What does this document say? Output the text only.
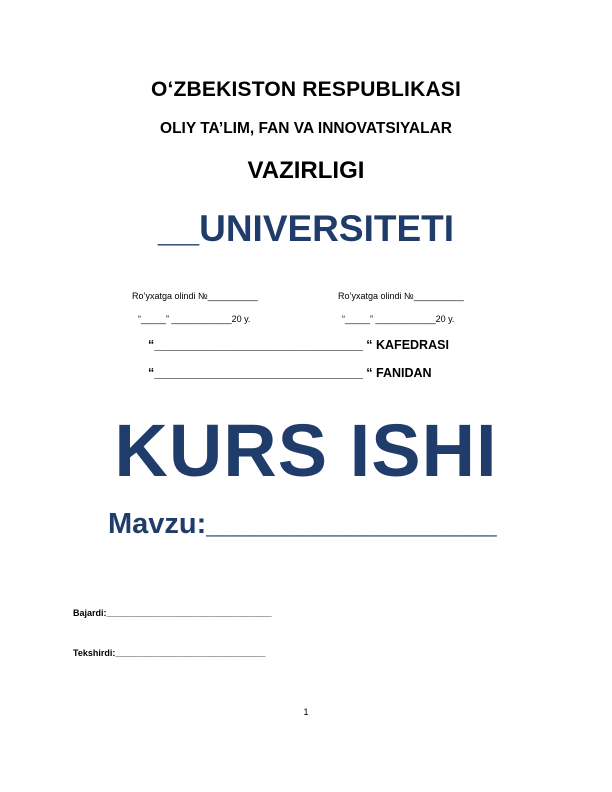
O‘ZBEKISTON RESPUBLIKASI
OLIY TA’LIM, FAN VA INNOVATSIYALAR
VAZIRLIGI
__UNIVERSITETI
Ro’yxatga olindi №__________	Ro’yxatga olindi №__________
“_____” ____________20 y.	“_____” ____________20 y.
“______________________________ “ KAFEDRASI
“______________________________ “ FANIDAN
KURS ISHI
Mavzu:__________________
Bajardi:_________________________________
Tekshirdi:______________________________
1
